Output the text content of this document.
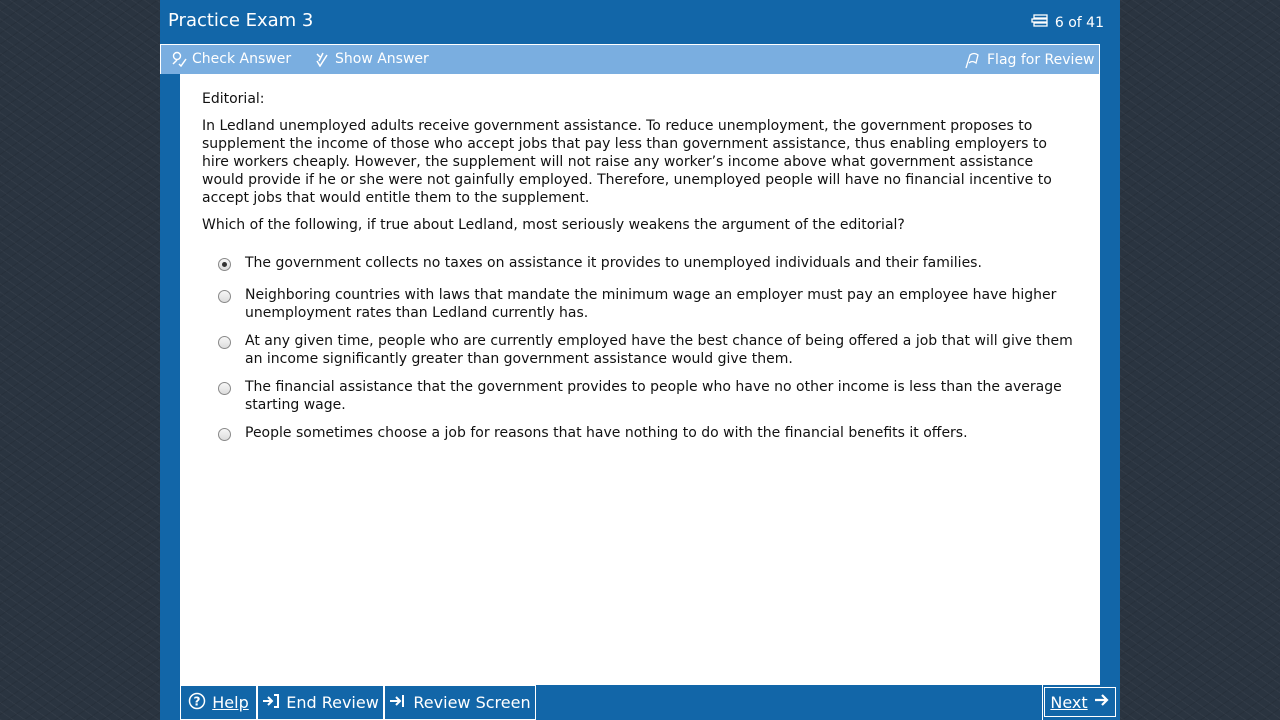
Practice Exam 3	6 of 41
Check Answer	Show Answer	Flag for Review

Editorial:

In Ledland unemployed adults receive government assistance. To reduce unemployment, the government proposes to supplement the income of those who accept jobs that pay less than government assistance, thus enabling employers to hire workers cheaply. However, the supplement will not raise any worker’s income above what government assistance would provide if he or she were not gainfully employed. Therefore, unemployed people will have no financial incentive to accept jobs that would entitle them to the supplement.

Which of the following, if true about Ledland, most seriously weakens the argument of the editorial?

The government collects no taxes on assistance it provides to unemployed individuals and their families.
Neighboring countries with laws that mandate the minimum wage an employer must pay an employee have higher unemployment rates than Ledland currently has.
At any given time, people who are currently employed have the best chance of being offered a job that will give them an income significantly greater than government assistance would give them.
The financial assistance that the government provides to people who have no other income is less than the average starting wage.
People sometimes choose a job for reasons that have nothing to do with the financial benefits it offers.
? Help End Review Review Screen	Next
